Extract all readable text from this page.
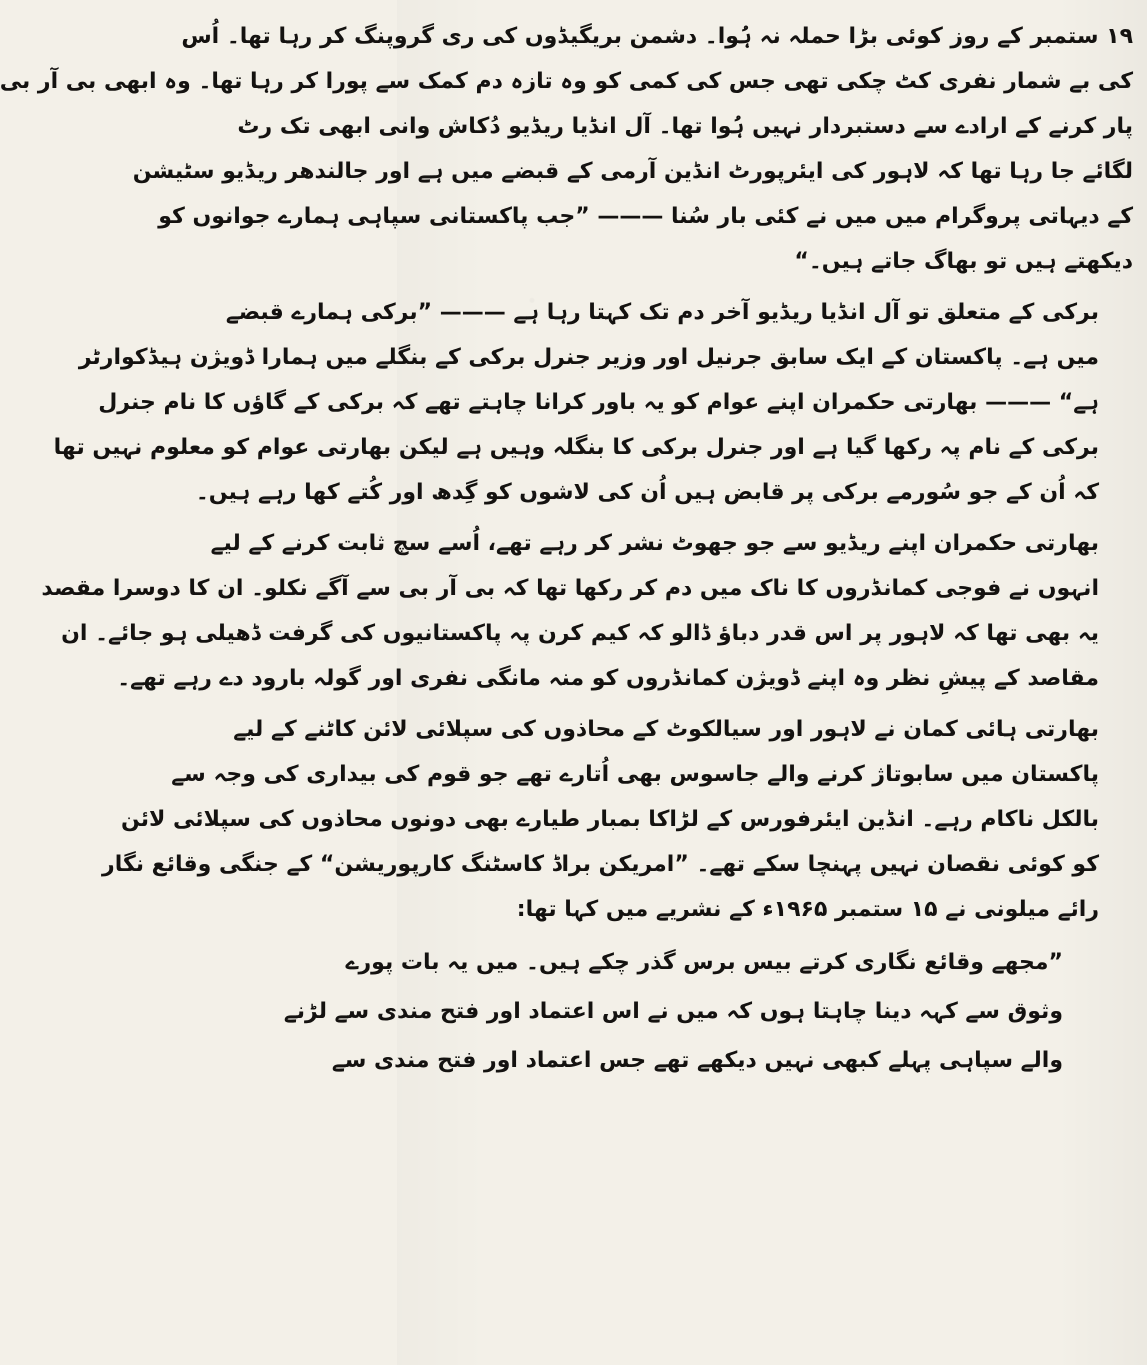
۱۹ ستمبر کے روز کوئی بڑا حملہ نہ ہُوا۔ دشمن بریگیڈوں کی ری گروپنگ کر رہا تھا۔ اُس
کی بے شمار نفری کٹ چکی تھی جس کی کمی کو وہ تازہ دم کمک سے پورا کر رہا تھا۔ وہ ابھی بی آر بی
پار کرنے کے ارادے سے دستبردار نہیں ہُوا تھا۔ آل انڈیا ریڈیو دُکاش وانی ابھی تک رٹ
لگائے جا رہا تھا کہ لاہور کی ایئرپورٹ انڈین آرمی کے قبضے میں ہے اور جالندھر ریڈیو سٹیشن
کے دیہاتی پروگرام میں میں نے کئی بار سُنا ——— ”جب پاکستانی سپاہی ہمارے جوانوں کو
دیکھتے ہیں تو بھاگ جاتے ہیں۔“
برکی کے متعلق تو آل انڈیا ریڈیو آخر دم تک کہتا رہا ہے ——— ”برکی ہمارے قبضے
میں ہے۔ پاکستان کے ایک سابق جرنیل اور وزیر جنرل برکی کے بنگلے میں ہمارا ڈویژن ہیڈکوارٹر
ہے“ ——— بھارتی حکمران اپنے عوام کو یہ باور کرانا چاہتے تھے کہ برکی کے گاؤں کا نام جنرل
برکی کے نام پہ رکھا گیا ہے اور جنرل برکی کا بنگلہ وہیں ہے لیکن بھارتی عوام کو معلوم نہیں تھا
کہ اُن کے جو سُورمے برکی پر قابض ہیں اُن کی لاشوں کو گِدھ اور کُتے کھا رہے ہیں۔
بھارتی حکمران اپنے ریڈیو سے جو جھوٹ نشر کر رہے تھے، اُسے سچ ثابت کرنے کے لیے
انہوں نے فوجی کمانڈروں کا ناک میں دم کر رکھا تھا کہ بی آر بی سے آگے نکلو۔ ان کا دوسرا مقصد
یہ بھی تھا کہ لاہور پر اس قدر دباؤ ڈالو کہ کیم کرن پہ پاکستانیوں کی گرفت ڈھیلی ہو جائے۔ ان
مقاصد کے پیشِ نظر وہ اپنے ڈویژن کمانڈروں کو منہ مانگی نفری اور گولہ بارود دے رہے تھے۔
بھارتی ہائی کمان نے لاہور اور سیالکوٹ کے محاذوں کی سپلائی لائن کاٹنے کے لیے
پاکستان میں سابوتاژ کرنے والے جاسوس بھی اُتارے تھے جو قوم کی بیداری کی وجہ سے
بالکل ناکام رہے۔ انڈین ایئرفورس کے لڑاکا بمبار طیارے بھی دونوں محاذوں کی سپلائی لائن
کو کوئی نقصان نہیں پہنچا سکے تھے۔ ”امریکن براڈ کاسٹنگ کارپوریشن“ کے جنگی وقائع نگار
رائے میلونی نے ۱۵ ستمبر ۱۹۶۵ء کے نشریے میں کہا تھا:
”مجھے وقائع نگاری کرتے بیس برس گذر چکے ہیں۔ میں یہ بات پورے
وثوق سے کہہ دینا چاہتا ہوں کہ میں نے اس اعتماد اور فتح مندی سے لڑنے
والے سپاہی پہلے کبھی نہیں دیکھے تھے جس اعتماد اور فتح مندی سے
